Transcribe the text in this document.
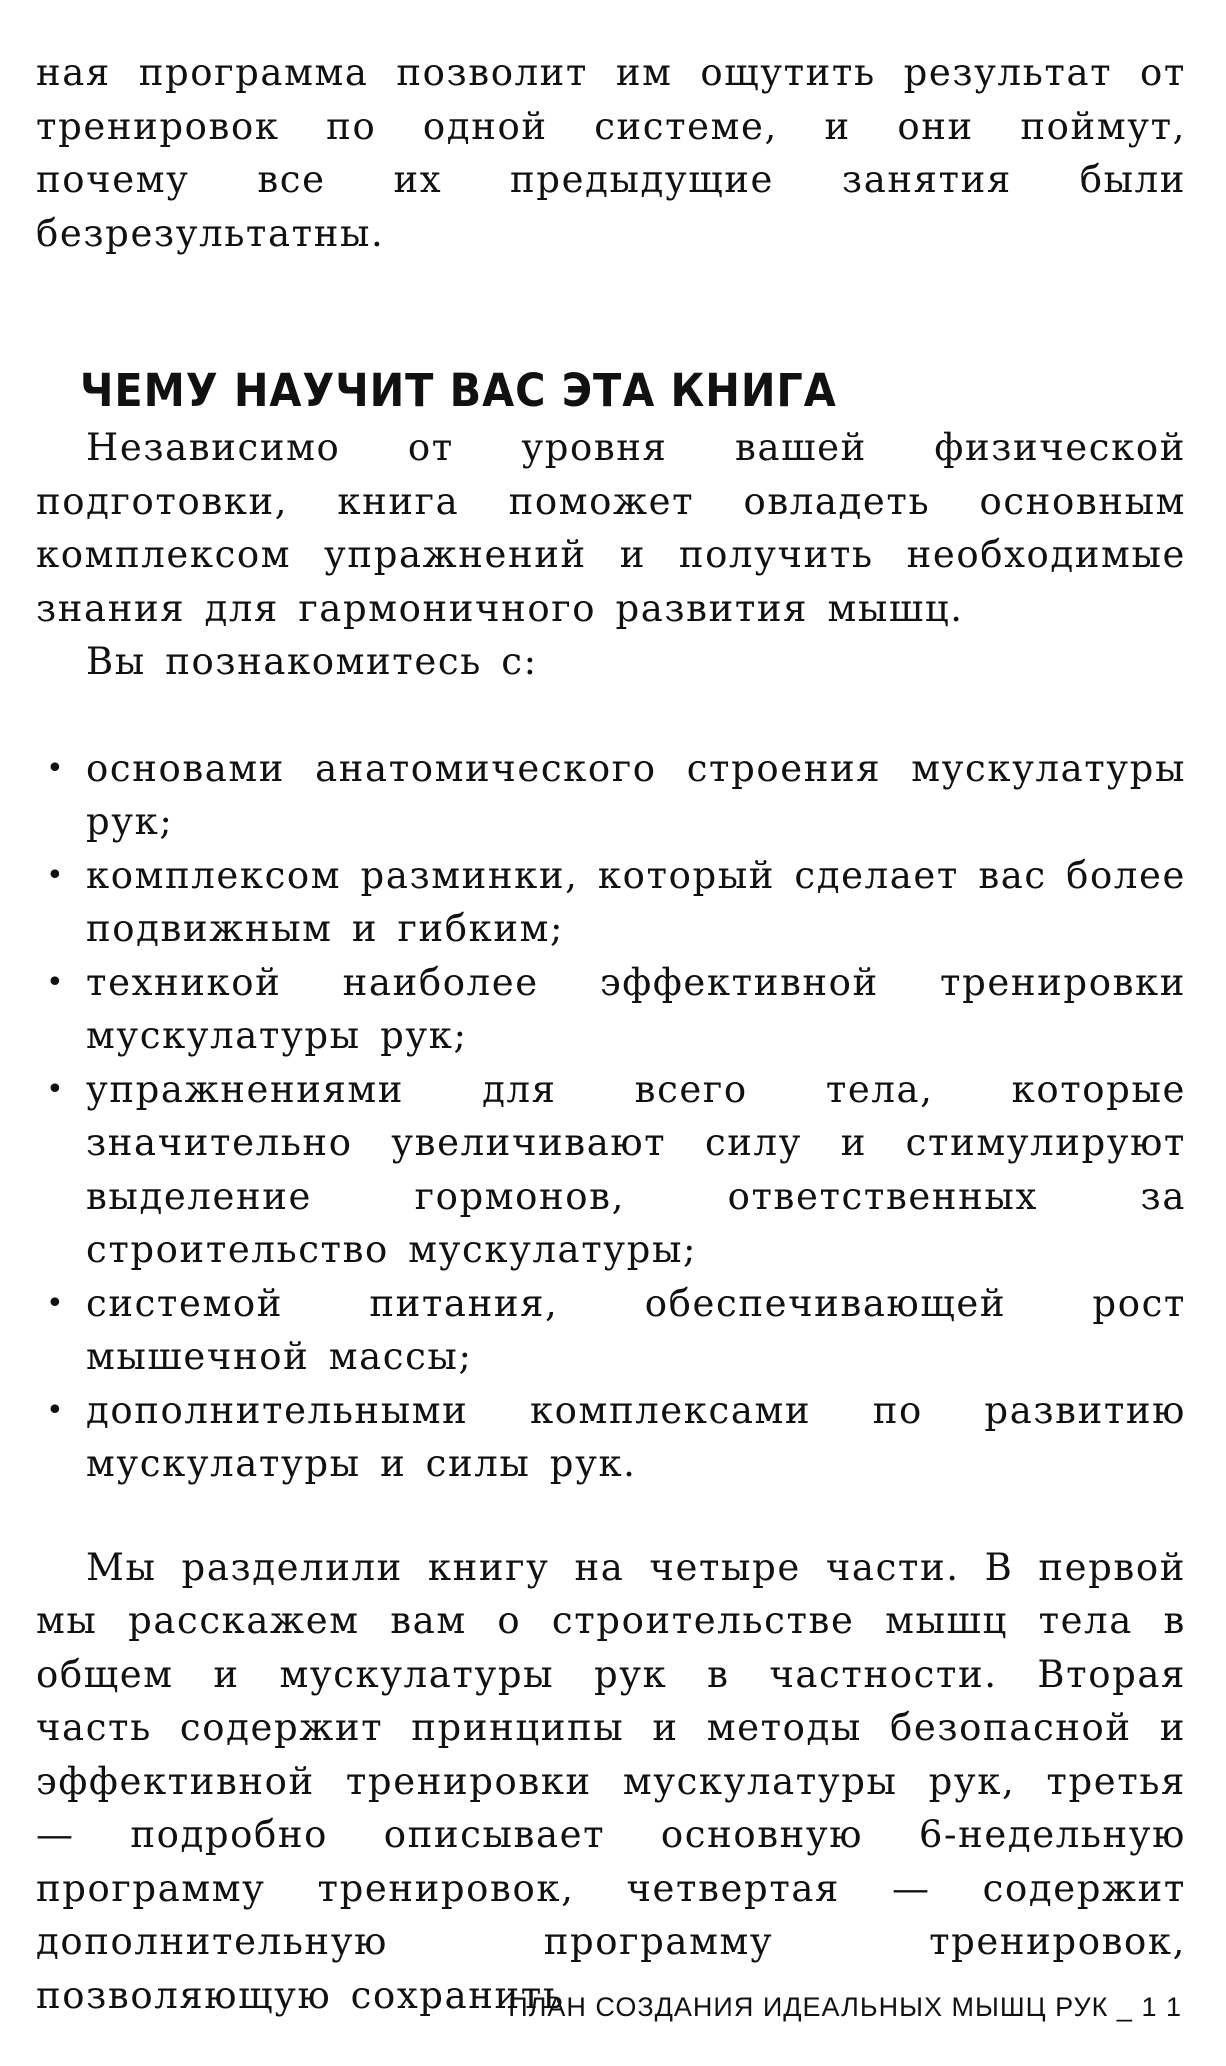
ная программа позволит им ощутить результат от тренировок по одной системе, и они поймут, почему все их предыдущие занятия были безрезультатны.

ЧЕМУ НАУЧИТ ВАС ЭТА КНИГА

Независимо от уровня вашей физической подготовки, книга поможет овладеть основным комплексом упражнений и получить необходимые знания для гармоничного развития мышц.

Вы познакомитесь с:

• основами анатомического строения мускулатуры рук;
• комплексом разминки, который сделает вас более подвижным и гибким;
• техникой наиболее эффективной тренировки мускулатуры рук;
• упражнениями для всего тела, которые значительно увеличивают силу и стимулируют выделение гормонов, ответственных за строительство мускулатуры;
• системой питания, обеспечивающей рост мышечной массы;
• дополнительными комплексами по развитию мускулатуры и силы рук.

Мы разделили книгу на четыре части. В первой мы расскажем вам о строительстве мышц тела в общем и мускулатуры рук в частности. Вторая часть содержит принципы и методы безопасной и эффективной тренировки мускулатуры рук, третья — подробно описывает основную 6-недельную программу тренировок, четвертая — содержит дополнительную программу тренировок, позволяющую сохранить

ПЛАН СОЗДАНИЯ ИДЕАЛЬНЫХ МЫШЦ РУК _ 1 1
